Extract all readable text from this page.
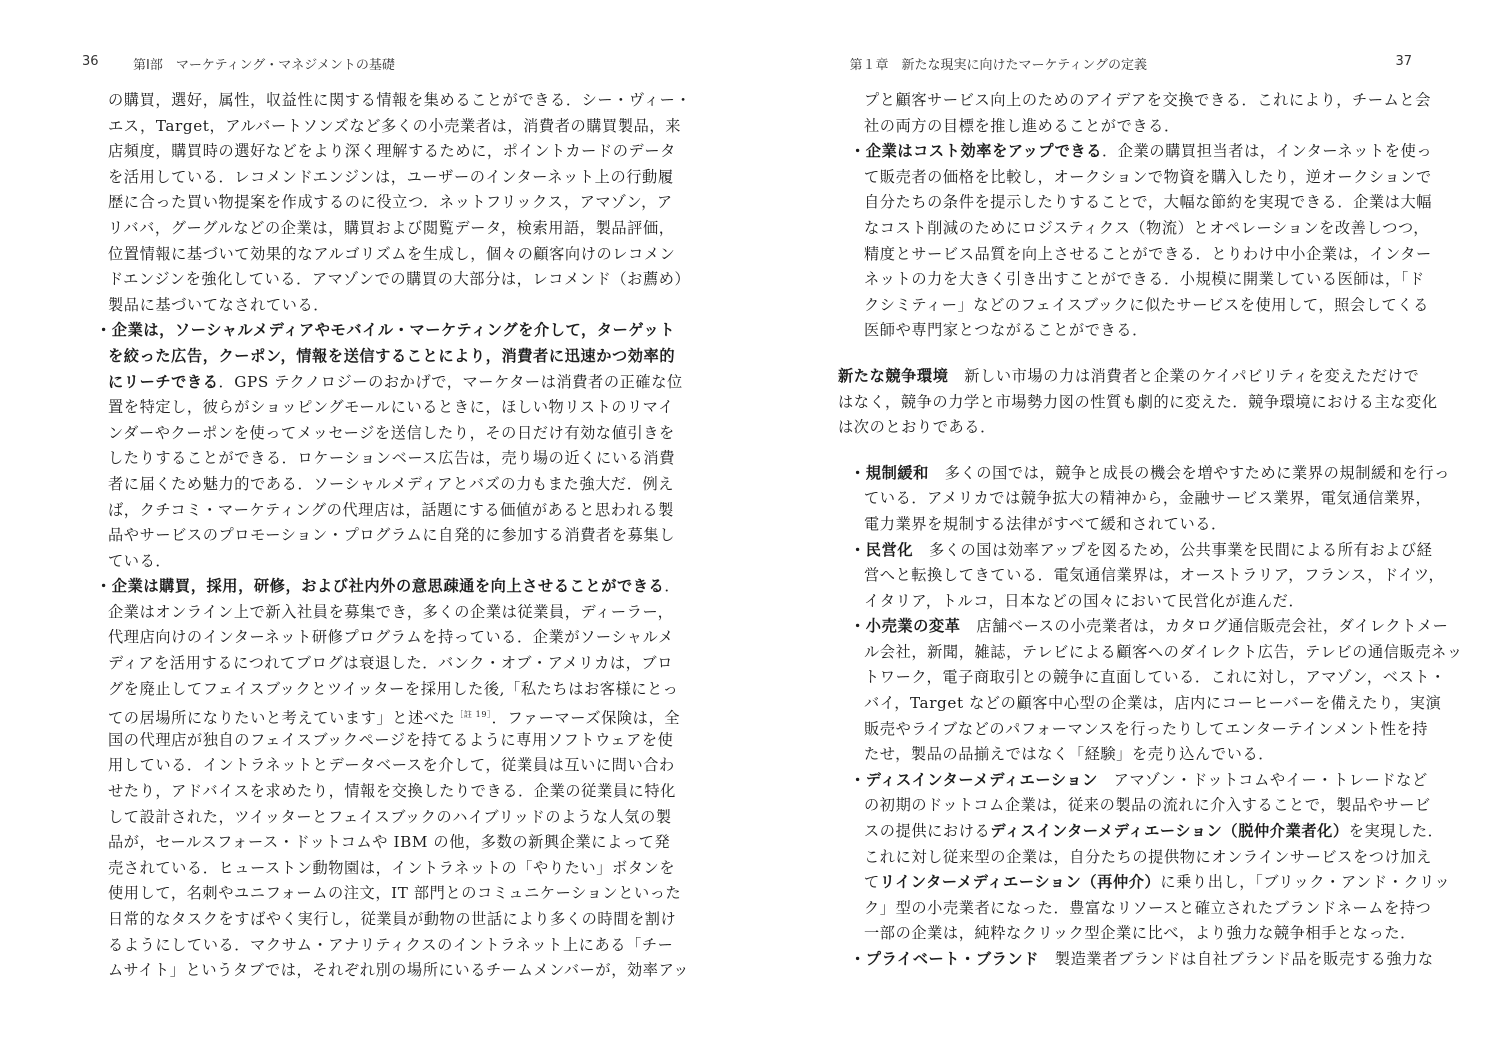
36	第Ⅰ部　マーケティング・マネジメントの基礎
の購買，選好，属性，収益性に関する情報を集めることができる．シー・ヴィー・
エス，Target，アルバートソンズなど多くの小売業者は，消費者の購買製品，来
店頻度，購買時の選好などをより深く理解するために，ポイントカードのデータ
を活用している．レコメンドエンジンは，ユーザーのインターネット上の行動履
歴に合った買い物提案を作成するのに役立つ．ネットフリックス，アマゾン，ア
リババ，グーグルなどの企業は，購買および閲覧データ，検索用語，製品評価，
位置情報に基づいて効果的なアルゴリズムを生成し，個々の顧客向けのレコメン
ドエンジンを強化している．アマゾンでの購買の大部分は，レコメンド（お薦め）
製品に基づいてなされている．
・企業は，ソーシャルメディアやモバイル・マーケティングを介して，ターゲット
を絞った広告，クーポン，情報を送信することにより，消費者に迅速かつ効率的
にリーチできる．GPS テクノロジーのおかげで，マーケターは消費者の正確な位
置を特定し，彼らがショッピングモールにいるときに，ほしい物リストのリマイ
ンダーやクーポンを使ってメッセージを送信したり，その日だけ有効な値引きを
したりすることができる．ロケーションベース広告は，売り場の近くにいる消費
者に届くため魅力的である．ソーシャルメディアとバズの力もまた強大だ．例え
ば，クチコミ・マーケティングの代理店は，話題にする価値があると思われる製
品やサービスのプロモーション・プログラムに自発的に参加する消費者を募集し
ている．
・企業は購買，採用，研修，および社内外の意思疎通を向上させることができる．
企業はオンライン上で新入社員を募集でき，多くの企業は従業員，ディーラー，
代理店向けのインターネット研修プログラムを持っている．企業がソーシャルメ
ディアを活用するにつれてブログは衰退した．バンク・オブ・アメリカは，ブロ
グを廃止してフェイスブックとツイッターを採用した後,「私たちはお客様にとっ
ての居場所になりたいと考えています」と述べた$^{[註 19]}$．ファーマーズ保険は，全
国の代理店が独自のフェイスブックページを持てるように専用ソフトウェアを使
用している．イントラネットとデータベースを介して，従業員は互いに問い合わ
せたり，アドバイスを求めたり，情報を交換したりできる．企業の従業員に特化
して設計された，ツイッターとフェイスブックのハイブリッドのような人気の製
品が，セールスフォース・ドットコムや IBM の他，多数の新興企業によって発
売されている．ヒューストン動物園は，イントラネットの「やりたい」ボタンを
使用して，名刺やユニフォームの注文，IT 部門とのコミュニケーションといった
日常的なタスクをすばやく実行し，従業員が動物の世話により多くの時間を割け
るようにしている．マクサム・アナリティクスのイントラネット上にある「チー
ムサイト」というタブでは，それぞれ別の場所にいるチームメンバーが，効率アッ
第１章　新たな現実に向けたマーケティングの定義	37
プと顧客サービス向上のためのアイデアを交換できる．これにより，チームと会
社の両方の目標を推し進めることができる．
・企業はコスト効率をアップできる．企業の購買担当者は，インターネットを使っ
て販売者の価格を比較し，オークションで物資を購入したり，逆オークションで
自分たちの条件を提示したりすることで，大幅な節約を実現できる．企業は大幅
なコスト削減のためにロジスティクス（物流）とオペレーションを改善しつつ，
精度とサービス品質を向上させることができる．とりわけ中小企業は，インター
ネットの力を大きく引き出すことができる．小規模に開業している医師は，「ド
クシミティー」などのフェイスブックに似たサービスを使用して，照会してくる
医師や専門家とつながることができる．
新たな競争環境　新しい市場の力は消費者と企業のケイパビリティを変えただけで
はなく，競争の力学と市場勢力図の性質も劇的に変えた．競争環境における主な変化
は次のとおりである．
・規制緩和　多くの国では，競争と成長の機会を増やすために業界の規制緩和を行っ
ている．アメリカでは競争拡大の精神から，金融サービス業界，電気通信業界，
電力業界を規制する法律がすべて緩和されている．
・民営化　多くの国は効率アップを図るため，公共事業を民間による所有および経
営へと転換してきている．電気通信業界は，オーストラリア，フランス，ドイツ，
イタリア，トルコ，日本などの国々において民営化が進んだ．
・小売業の変革　店舗ベースの小売業者は，カタログ通信販売会社，ダイレクトメー
ル会社，新聞，雑誌，テレビによる顧客へのダイレクト広告，テレビの通信販売ネッ
トワーク，電子商取引との競争に直面している．これに対し，アマゾン，ベスト・
バイ，Target などの顧客中心型の企業は，店内にコーヒーバーを備えたり，実演
販売やライブなどのパフォーマンスを行ったりしてエンターテインメント性を持
たせ，製品の品揃えではなく「経験」を売り込んでいる．
・ディスインターメディエーション　アマゾン・ドットコムやイー・トレードなど
の初期のドットコム企業は，従来の製品の流れに介入することで，製品やサービ
スの提供におけるディスインターメディエーション（脱仲介業者化）を実現した．
これに対し従来型の企業は，自分たちの提供物にオンラインサービスをつけ加え
てリインターメディエーション（再仲介）に乗り出し，「ブリック・アンド・クリッ
ク」型の小売業者になった．豊富なリソースと確立されたブランドネームを持つ
一部の企業は，純粋なクリック型企業に比べ，より強力な競争相手となった．
・プライベート・ブランド　製造業者ブランドは自社ブランド品を販売する強力な
